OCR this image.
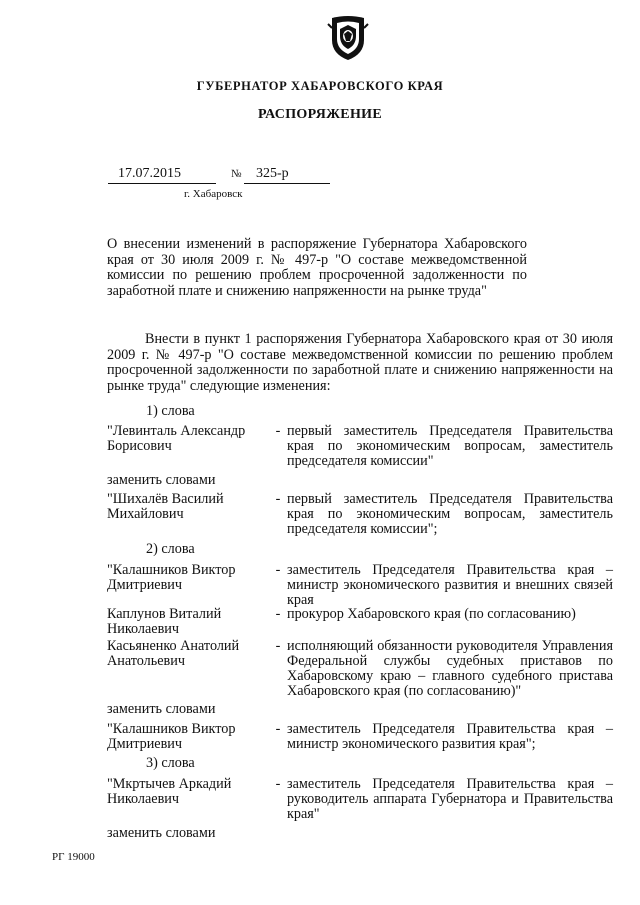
ГУБЕРНАТОР ХАБАРОВСКОГО КРАЯ
РАСПОРЯЖЕНИЕ
17.07.2015	№ 325-р
г. Хабаровск
О внесении изменений в распоряжение Губернатора Хабаровского края от 30 июля 2009 г. № 497-р "О составе межведомственной комиссии по решению проблем просроченной задолженности по заработной плате и снижению напряженности на рынке труда"
Внести в пункт 1 распоряжения Губернатора Хабаровского края от 30 июля 2009 г. № 497-р "О составе межведомственной комиссии по решению проблем просроченной задолженности по заработной плате и снижению напряженности на рынке труда" следующие изменения:
1) слова
"Левинталь Александр Борисович
- первый заместитель Председателя Правительства края по экономическим вопросам, заместитель председателя комиссии"
заменить словами
"Шихалёв Василий Михайлович
- первый заместитель Председателя Правительства края по экономическим вопросам, заместитель председателя комиссии";
2) слова
"Калашников Виктор Дмитриевич
- заместитель Председателя Правительства края – министр экономического развития и внешних связей края
Каплунов Виталий Николаевич
- прокурор Хабаровского края (по согласованию)
Касьяненко Анатолий Анатольевич
- исполняющий обязанности руководителя Управления Федеральной службы судебных приставов по Хабаровскому краю – главного судебного пристава Хабаровского края (по согласованию)"
заменить словами
"Калашников Виктор Дмитриевич
- заместитель Председателя Правительства края – министр экономического развития края";
3) слова
"Мкртычев Аркадий Николаевич
- заместитель Председателя Правительства края – руководитель аппарата Губернатора и Правительства края"
заменить словами
РГ 19000
